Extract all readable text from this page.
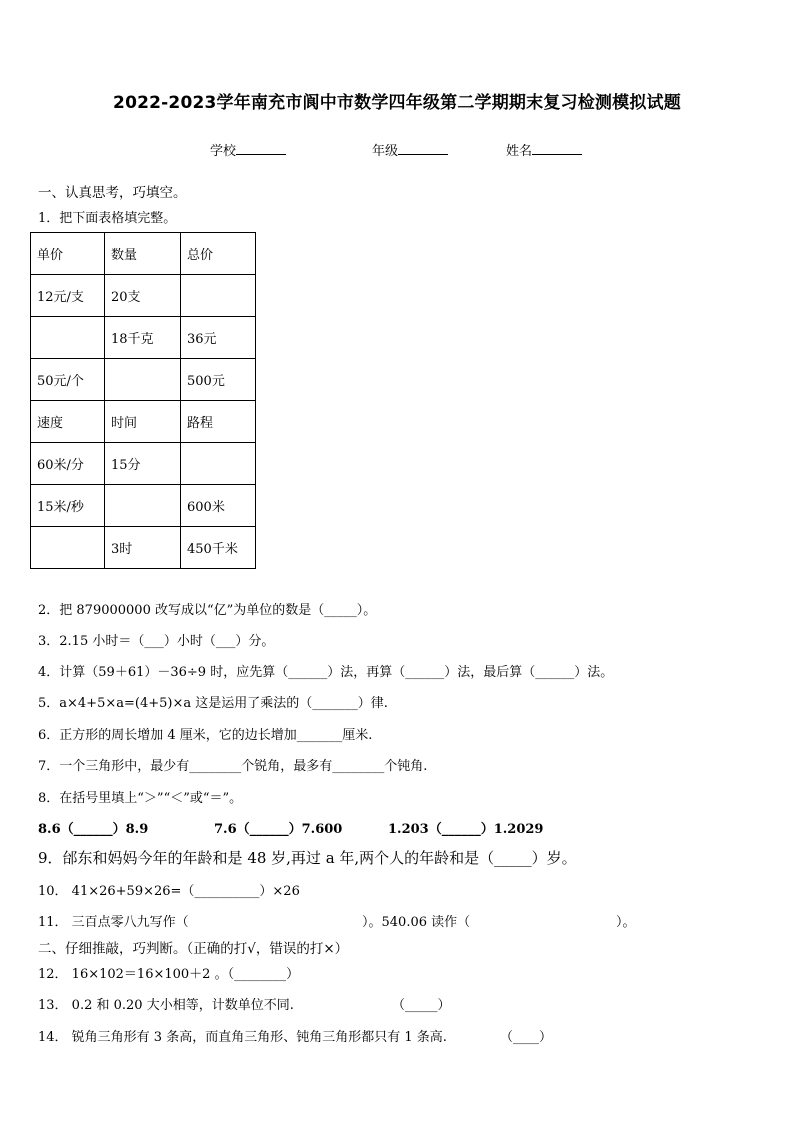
2022-2023学年南充市阆中市数学四年级第二学期期末复习检测模拟试题
学校	年级	姓名
一、认真思考，巧填空。
1．把下面表格填完整。
单价	数量	总价
12元/支	20支	
	18千克	36元
50元/个		500元
速度	时间	路程
60米/分	15分	
15米/秒		600米
	3时	450千米
2．把 879000000 改写成以“亿”为单位的数是（_____）。
3．2.15 小时＝（___）小时（___）分。
4．计算（59＋61）－36÷9 时，应先算（______）法，再算（______）法，最后算（______）法。
5．a×4+5×a=(4+5)×a 这是运用了乘法的（_______）律.
6．正方形的周长增加 4 厘米，它的边长增加_______厘米.
7．一个三角形中，最少有________个锐角，最多有________个钝角.
8．在括号里填上“＞”“＜”或“＝”。
8.6（______）8.9	7.6（______）7.600	1.203（______）1.2029
9．邰东和妈妈今年的年龄和是 48 岁,再过 a 年,两个人的年龄和是（_____）岁。
10． 41×26+59×26=（__________）×26
11． 三百点零八九写作（	）。540.06 读作（	）。
二、仔细推敲，巧判断。（正确的打√，错误的打×）
12． 16×102＝16×100＋2 。（________）
13． 0.2 和 0.20 大小相等，计数单位不同.	（_____）
14． 锐角三角形有 3 条高，而直角三角形、钝角三角形都只有 1 条高.	（____）
